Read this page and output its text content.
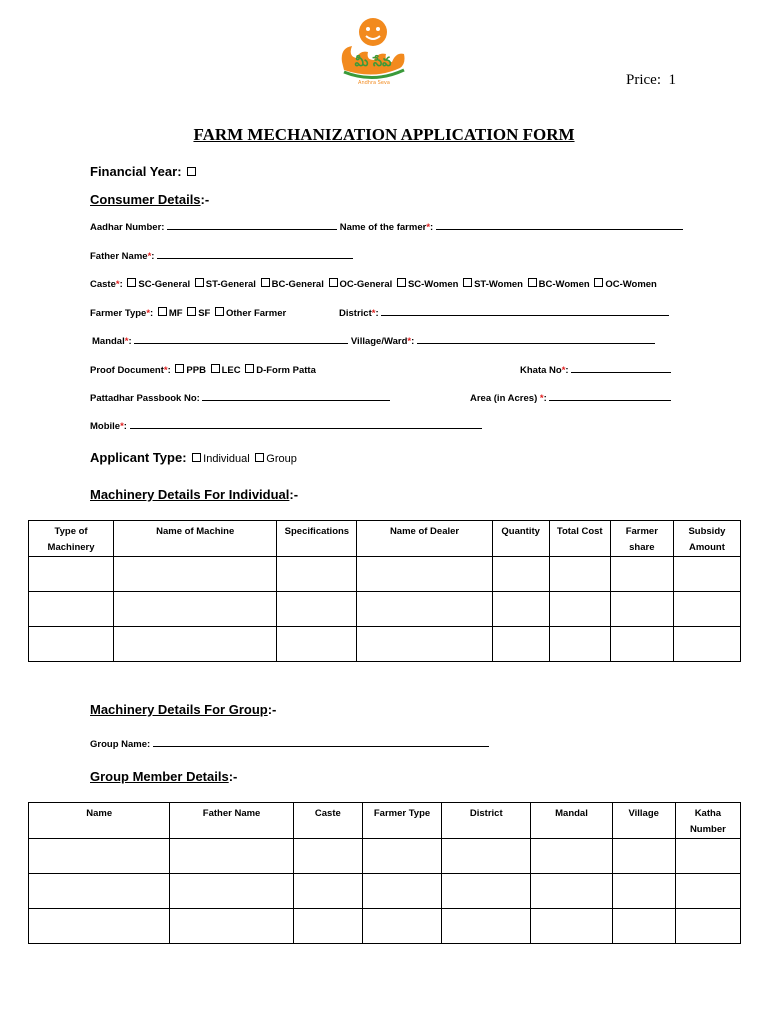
మీ సేవ
Andhra Seva	Price: 1
FARM MECHANIZATION APPLICATION FORM
Financial Year:
Consumer Details:-
Aadhar Number:	Name of the farmer*:
Father Name*:
Caste*: SC-General ST-General BC-General OC-General SC-Women ST-Women BC-Women OC-Women
Farmer Type*: MF SF Other Farmer	District*:
Mandal*:	Village/Ward*:
Proof Document*: PPB LEC D-Form Patta	Khata No*:
Pattadhar Passbook No:	Area (in Acres) *:
Mobile*:
Applicant Type: Individual Group
Machinery Details For Individual:-
Type of Machinery	Name of Machine	Specifications	Name of Dealer	Quantity	Total Cost	Farmer share	Subsidy Amount

Machinery Details For Group:-
Group Name:
Group Member Details:-
Name	Father Name	Caste	Farmer Type	District	Mandal	Village	Katha Number
